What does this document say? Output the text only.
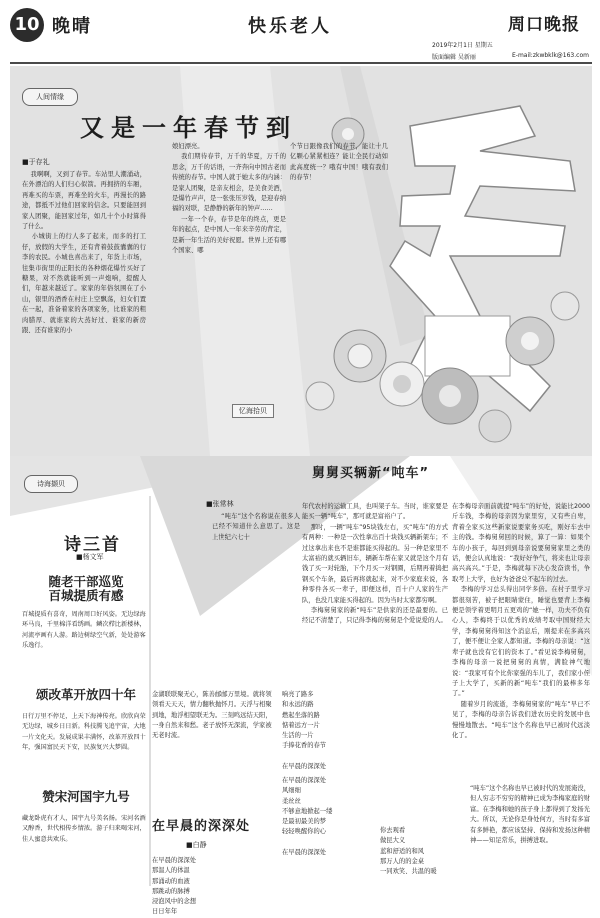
10 晚晴	快乐老人	周口晚报
2019年2月1日 星期五
版面编辑 吴新丽	E-mail:zkwbklk@163.com
人间情缘
又是一年春节到
■于存礼
我啊啊，又到了春节。车站里人潮涌动，在外漂泊的人们归心似箭。再拥挤的车厢，再难买的车票，再难坐的火车，再漫长的路途，都抵不过他们回家的信念。只要能回到家人团聚，能回家过年，如几十个小时算得了什么。
小城街上的行人多了起来，而多的打工仔，放假的大学生，还有背着鼓鼓囊囊的行李的农民。小城也喜出来了，年货上市场，往集市街里的正阳长的各种烟花爆竹买好了糖果，对不然就能听到一声炮响，提醒人们，年越来越近了。家家的年俗氛围在了小山，银里的酒香在村庄上空飘荡，妇女们置在一起，准备着家的各项家务，比谁家的粗肉腊厚、就谁家的大蒸好过、谁家的新房跟、还有谁家的小
娘妇漂亮。
我们期待春节，万千的华夏，万千的思念，万千的话语，一齐奔向中国古老而传统的春节。中国人就于她太多的内涵：是家人团聚，是亲友相会，是美食美酒，是爆竹声声，是一张张压岁钱，是迎春纳福的对联，是静静的新年的钟声……
一年一个春，春节是年的终点，更是年的起点，是中国人一年来辛劳的背定，是新一年生活的美好祝愿。世界上还有哪个国家、哪
个节日跟像我们的春节，能让十几亿颗心紧紧相连？能让全民行动如此高度统一？哦有中国！哦有我们的春节！
忆海拾贝
诗海撷贝
诗三首
■杨文军
随老干部巡览
百城提质有感
百城提质有喜奇，周南周口好风姿。无边绿海环马良，千里棉洋看绣画。鳞次栉比新楼林，河流亭画有人游。路边树绿空气新，处处游客乐逸行。
颂改革开放四十年
日行万里不停足，上天下海神传亮。欣欣向荣无边绿，城乡日日新。科技腾飞追宇宙，大地一片文化天。发展成果丰满怀，改革开放四十年，强国富民天下安，民族复兴大梦圆。
赞宋河国宇九号
藏龙卧虎有才人，国宇九号美名扬。宋河名酒又醇香，世代相传乡情浓。游子归来喝宋河，佳人蜜意共欢乐。
金湖联联聚无心，陈善邮邮万里境。就将领领看天天天，情力翻秋抛怀月。天浮与相聚到地，地浮相望联无为。三刻鸣远结天阳，一身自然来和愁。老子放怀无深流，学家被无老时流。
在早晨的深深处
■白静
在早晨的深深处
那温人的体温
那涌动的血液
那跳动的脉搏
浸泡风中的念想
日日年年
在早晨的深深处
风细细
柔丝丝
不够意地掀起一缕
是最初最美的梦
轻轻唤醒你的心

在早晨的深深处
响亮了路多
和永远的路
燃起坐落的路
惦着远方一片
生活的一片
手捧花香的春节

在早晨的深深处
你去观看
做昆大义
蓝和舒适的和风
那万人的的金桌
一同欢笑、共温的暖
舅舅买辆新“吨车”
■张常林
“吨车”这个名称说在很多人已经不知道什么意思了。这是上世纪六七十
年代农村的运输工具，也叫架子车。当时，谁家要是能买一辆“吨车”，那可就是富裕户了。
那时，一辆“吨车”95块钱左右，买“吨车”的方式有两种：一种是一次性拿出百十块钱买辆新架车；不过这拿出来也不是谁都能买得起的。另一种是家里不太富裕的就买辆旧车，辆新车帮在家又就是这个月有钱了买一对轮胎，下个月买一对钢圈，后期再着捣把钢买个车条，最后再将就起来，对不少家庭来说，各种零件各买一辈子，即便这样，百十户人家的生产队，也没几家能买得起的。因为当时太家都穷啊。
李梅舅舅家的新“吨车”是供家的还是最要的。已经记不清楚了，只记得李梅的舅舅是个爱说爱的人。
在李梅母亲面前就提“吨车”的好处，说能比2000斤车钱，李梅的母亲因为家里穷，又有些自卑，背着全家买这些新家说要家务买吃，刚好车去中主的钱。李梅舅舅回的时候，算了一算：如果个车的小孩子，每回到到母亲说要舅舅家里之类的话，便会认真地说：“我好好争气，将来也让母亲高兴高兴。”于是，李梅就每下决心发奋读书，争取考上大学，也好为爸爸兑不起车的过去。
李梅的学习总头得出同学多倍。在村子里学习都很刻苦，被子把眼睛蒙住，睡觉也要背上李梅便是领学着更明月五更鸡的“她一样，功夫不负有心人，李梅终于以优秀的成绩考取中国财经大学，李梅舅舅得知这个消息后，刚提来在多高兴了，便不便让全家人都知道。李梅的母亲说：“这辈子就也没有它们的资本了。”看见说李梅舅舅，李梅的母亲一说把舅舅的真情，满脸神气地说：“我家可有个比你家强的车儿了，我们家小侄子上大学了，买新的新“吨车”我们的最棒多年了。”
随着岁月的流逝，李梅舅舅家的“吨车”早已不见了，李梅的母亲告诉我们进农历史的发展中也慢慢地散去。“吨车”这个名称也早已被时代远淡化了。
“吨车”这个名称也早已被时代的发展淹没，但人穷志不穷穷的精神已成为李梅家庭的财富。在李梅和她的孩子身上都得到了发扬光大。所以，无论你是身处何方，当时有多富有多鲜艳，都应该坚持、保持和发扬这种精神——知足常乐，拼搏进取。
